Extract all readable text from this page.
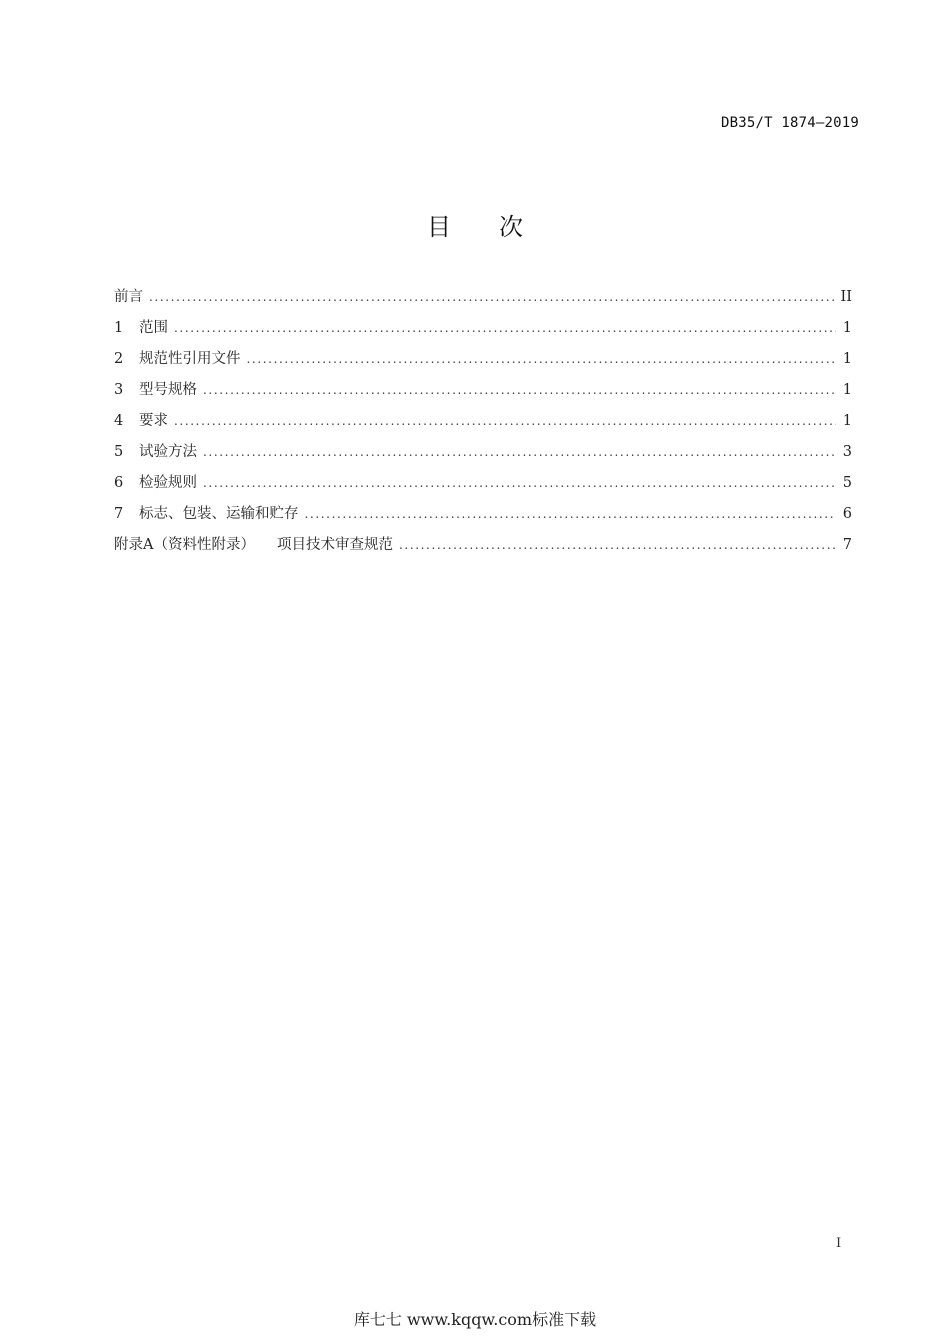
DB35/T 1874—2019
目次
前言 .....	II
1	范围 .....	1
2	规范性引用文件 .....	1
3	型号规格 .....	1
4	要求 .....	1
5	试验方法 .....	3
6	检验规则 .....	5
7	标志、包装、运输和贮存 .....	6
附录A（资料性附录） 项目技术审查规范 .....	7
I
库七七 www.kqqw.com标准下载
